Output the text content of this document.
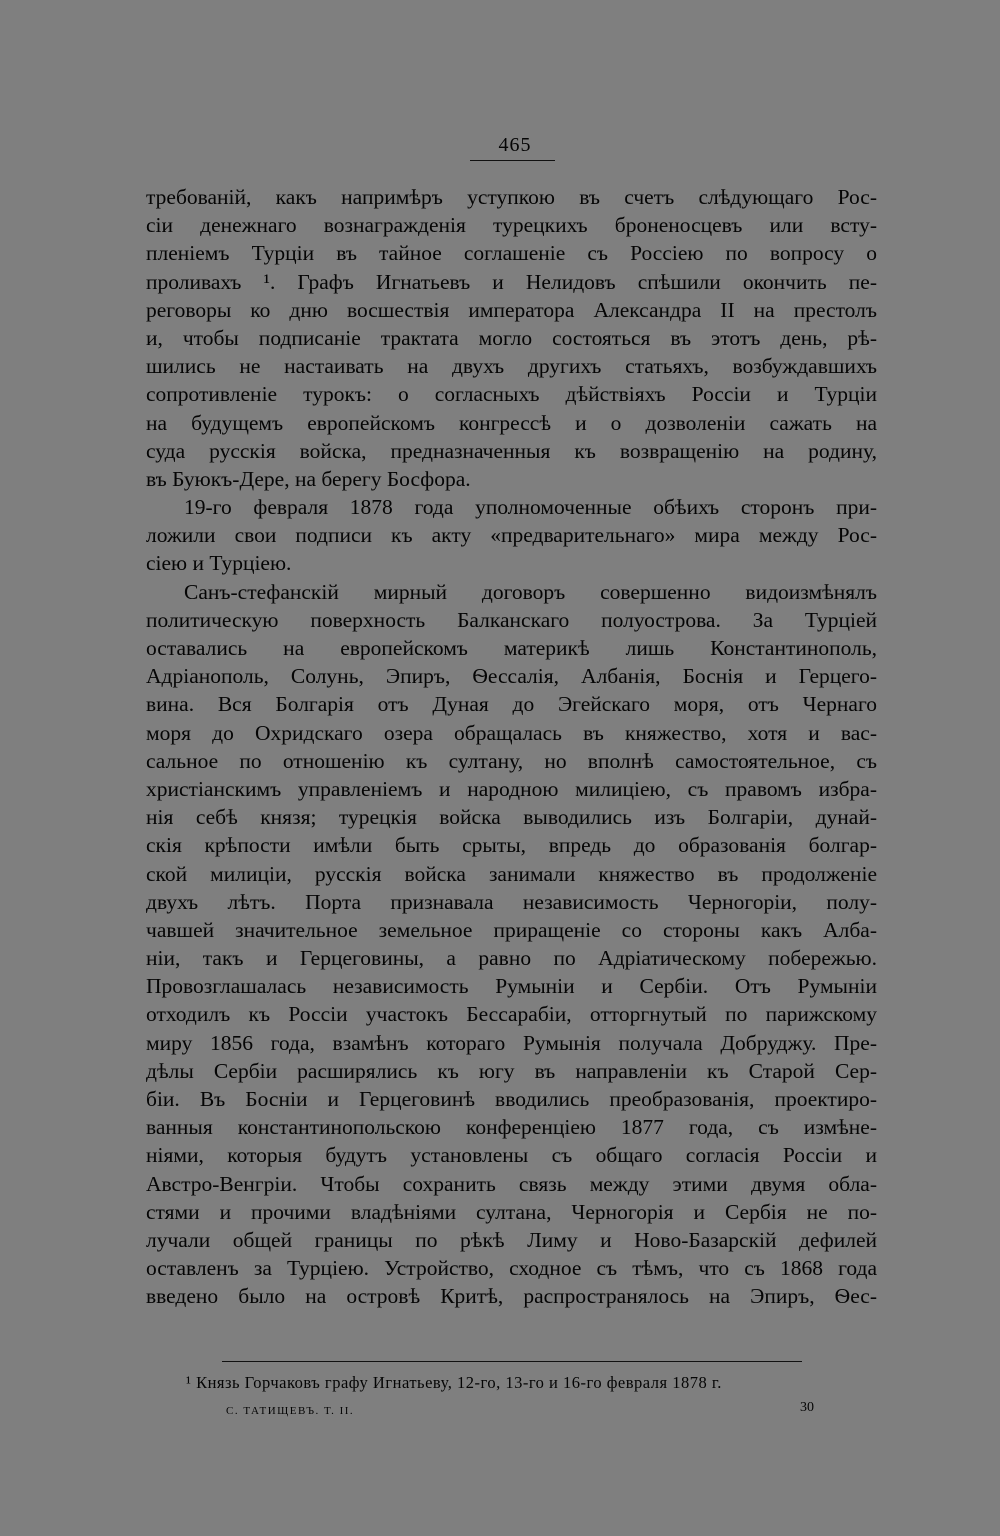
465
требованій, какъ напримѣръ уступкою въ счетъ слѣдующаго Рос-
сіи денежнаго вознагражденія турецкихъ броненосцевъ или всту-
пленіемъ Турціи въ тайное соглашеніе съ Россіею по вопросу о
проливахъ ¹. Графъ Игнатьевъ и Нелидовъ спѣшили окончить пе-
реговоры ко дню восшествія императора Александра II на престолъ
и, чтобы подписаніе трактата могло состояться въ этотъ день, рѣ-
шились не настаивать на двухъ другихъ статьяхъ, возбуждавшихъ
сопротивленіе турокъ: о согласныхъ дѣйствіяхъ Россіи и Турціи
на будущемъ европейскомъ конгрессѣ и о дозволеніи сажать на
суда русскія войска, предназначенныя къ возвращенію на родину,
въ Буюкъ-Дере, на берегу Босфора.
19-го февраля 1878 года уполномоченные обѣихъ сторонъ при-
ложили свои подписи къ акту «предварительнаго» мира между Рос-
сіею и Турціею.
Санъ-стефанскій мирный договоръ совершенно видоизмѣнялъ
политическую поверхность Балканскаго полуострова. За Турціей
оставались на европейскомъ материкѣ лишь Константинополь,
Адріанополь, Солунь, Эпиръ, Ѳессалія, Албанія, Боснія и Герцего-
вина. Вся Болгарія отъ Дуная до Эгейскаго моря, отъ Чернаго
моря до Охридскаго озера обращалась въ княжество, хотя и вас-
сальное по отношенію къ султану, но вполнѣ самостоятельное, съ
христіанскимъ управленіемъ и народною милиціею, съ правомъ избра-
нія себѣ князя; турецкія войска выводились изъ Болгаріи, дунай-
скія крѣпости имѣли быть срыты, впредь до образованія болгар-
ской милиціи, русскія войска занимали княжество въ продолженіе
двухъ лѣтъ. Порта признавала независимость Черногоріи, полу-
чавшей значительное земельное приращеніе со стороны какъ Алба-
ніи, такъ и Герцеговины, а равно по Адріатическому побережью.
Провозглашалась независимость Румыніи и Сербіи. Отъ Румыніи
отходилъ къ Россіи участокъ Бессарабіи, отторгнутый по парижскому
миру 1856 года, взамѣнъ котораго Румынія получала Добруджу. Пре-
дѣлы Сербіи расширялись къ югу въ направленіи къ Старой Сер-
біи. Въ Босніи и Герцеговинѣ вводились преобразованія, проектиро-
ванныя константинопольскою конференціею 1877 года, съ измѣне-
ніями, которыя будутъ установлены съ общаго согласія Россіи и
Австро-Венгріи. Чтобы сохранить связь между этими двумя обла-
стями и прочими владѣніями султана, Черногорія и Сербія не по-
лучали общей границы по рѣкѣ Лиму и Ново-Базарскій дефилей
оставленъ за Турціею. Устройство, сходное съ тѣмъ, что съ 1868 года
введено было на островѣ Критѣ, распространялось на Эпиръ, Ѳес-
¹ Князь Горчаковъ графу Игнатьеву, 12-го, 13-го и 16-го февраля 1878 г.
С. ТАТИЩЕВЪ. Т. II.	30
